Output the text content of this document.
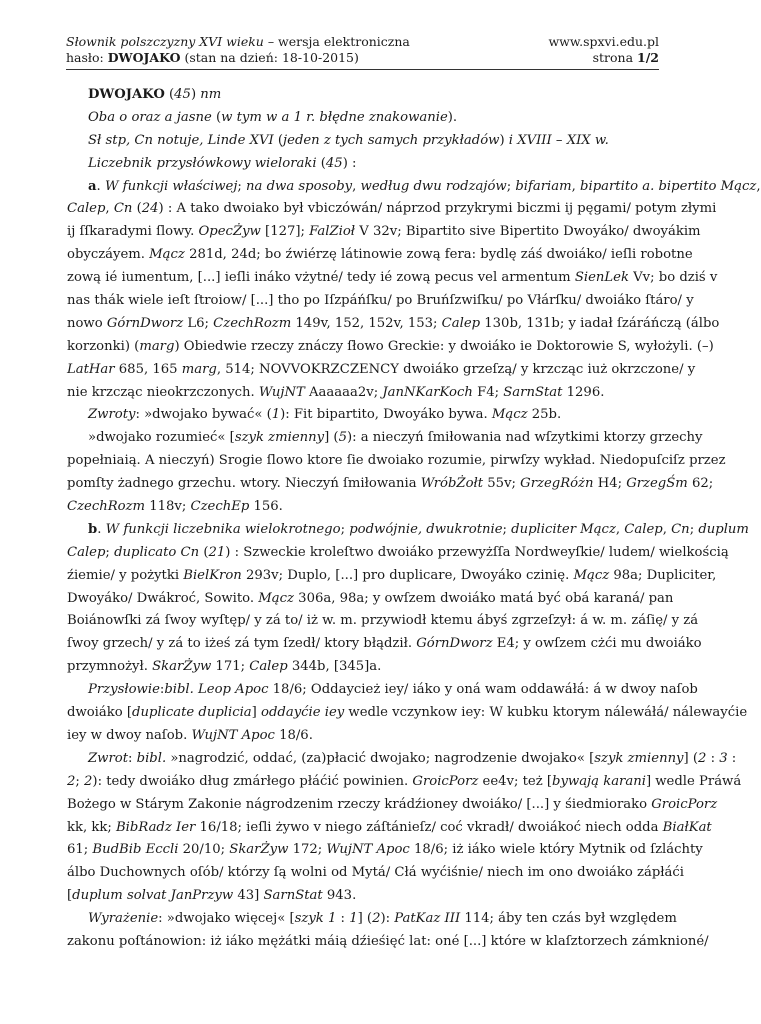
Słownik polszczyzny XVI wieku – wersja elektroniczna	www.spxvi.edu.pl
hasło: DWOJAKO (stan na dzień: 18-10-2015)	strona 1/2
DWOJAKO (45) nm
Oba o oraz a jasne (w tym w a 1 r. błędne znakowanie).
Sł stp, Cn notuje, Linde XVI (jeden z tych samych przykładów) i XVIII – XIX w.
Liczebnik przysłówkowy wieloraki (45) :
a. W funkcji właściwej; na dwa sposoby, według dwu rodzajów; bifariam, bipartito a. bipertito Mącz,
Calep, Cn (24) : A tako dwoiako był vbiczówán/ náprzod przykrymi biczmi ij pęgami/ potym złymi
ij ſſkaradymi ſlowy. OpecŻyw [127]; FalZioł V 32v; Bipartito sive Bipertito Dwoyáko/ dwoyákim
obyczáyem. Mącz 281d, 24d; bo źwiérzę látinowie zową fera: bydlę záś dwoiáko/ ieſli robotne
zową ié iumentum, [...] ieſli ináko vżytné/ tedy ié zową pecus vel armentum SienLek Vv; bo dziś v
nas thák wiele ieſt ſtroiow/ [...] tho po Iſzpáńſku/ po Bruńſzwiſku/ po Vłárſku/ dwoiáko ſtáro/ y
nowo GórnDworz L6; CzechRozm 149v, 152, 152v, 153; Calep 130b, 131b; y iadał ſzáráńczą (álbo
korzonki) (marg) Obiedwie rzeczy znáczy ſłowo Greckie: y dwoiáko ie Doktorowie S, wyłożyli. (–)
LatHar 685, 165 marg, 514; NOVVOKRZCZENCY dwoiáko grzeſzą/ y krzcząc iuż okrzczone/ y
nie krzcząc nieokrzczonych. WujNT Aaaaaa2v; JanNKarKoch F4; SarnStat 1296.
Zwroty: »dwojako bywać« (1): Fit bipartito, Dwoyáko bywa. Mącz 25b.
»dwojako rozumieć« [szyk zmienny] (5): a nieczyń ſmiłowania nad wſzytkimi ktorzy grzechy
popełniaią. A nieczyń) Srogie ſlowo ktore ſie dwoiako rozumie, pirwſzy wykład. Niedopuſciſz przez
pomſty żadnego grzechu. wtory. Nieczyń ſmiłowania WróbŻołt 55v; GrzegRóżn H4; GrzegŚm 62;
CzechRozm 118v; CzechEp 156.
b. W funkcji liczebnika wielokrotnego; podwójnie, dwukrotnie; dupliciter Mącz, Calep, Cn; duplum
Calep; duplicato Cn (21) : Szweckie kroleſtwo dwoiáko przewyżſſa Nordweyſkie/ ludem/ wielkością
źiemie/ y pożytki BielKron 293v; Duplo, [...] pro duplicare, Dwoyáko czinię. Mącz 98a; Dupliciter,
Dwoyáko/ Dwákroć, Sowito. Mącz 306a, 98a; y owſzem dwoiáko matá być obá karaná/ pan
Boiánowſki zá ſwoy wyſtęp/ y zá to/ iż w. m. przywiodł ktemu ábyś zgrzeſzył: á w. m. záſię/ y zá
ſwoy grzech/ y zá to iżeś zá tym ſzedł/ ktory błądził. GórnDworz E4; y owſzem cżći mu dwoiáko
przymnożył. SkarŻyw 171; Calep 344b, [345]a.
Przysłowie:bibl. Leop Apoc 18/6; Oddaycież iey/ iáko y oná wam oddawáłá: á w dwoy naſob
dwoiáko [duplicate duplicia] oddayćie iey wedle vczynkow iey: W kubku ktorym nálewáłá/ nálewayćie
iey w dwoy naſob. WujNT Apoc 18/6.
Zwrot: bibl. »nagrodzić, oddać, (za)płacić dwojako; nagrodzenie dwojako« [szyk zmienny] (2 : 3 :
2; 2): tedy dwoiáko dług zmárłego płáćić powinien. GroicPorz ee4v; też [bywają karani] wedle Práwá
Bożego w Stárym Zakonie nágrodzenim rzeczy krádźioney dwoiáko/ [...] y śiedmiorako GroicPorz
kk, kk; BibRadz Ier 16/18; ieſli żywo v niego záſtánieſz/ coć vkradł/ dwoiákoć niech odda BiałKat
61; BudBib Eccli 20/10; SkarŻyw 172; WujNT Apoc 18/6; iż iáko wiele który Mytnik od ſzláchty
álbo Duchownych oſób/ którzy ſą wolni od Mytá/ Cłá wyćiśnie/ niech im ono dwoiáko zápłáći
[duplum solvat JanPrzyw 43] SarnStat 943.
Wyrażenie: »dwojako więcej« [szyk 1 : 1] (2): PatKaz III 114; áby ten czás był względem
zakonu poſtánowion: iż iáko mężátki máią dźieśięć lat: oné [...] które w klaſztorzech zámknioné/
